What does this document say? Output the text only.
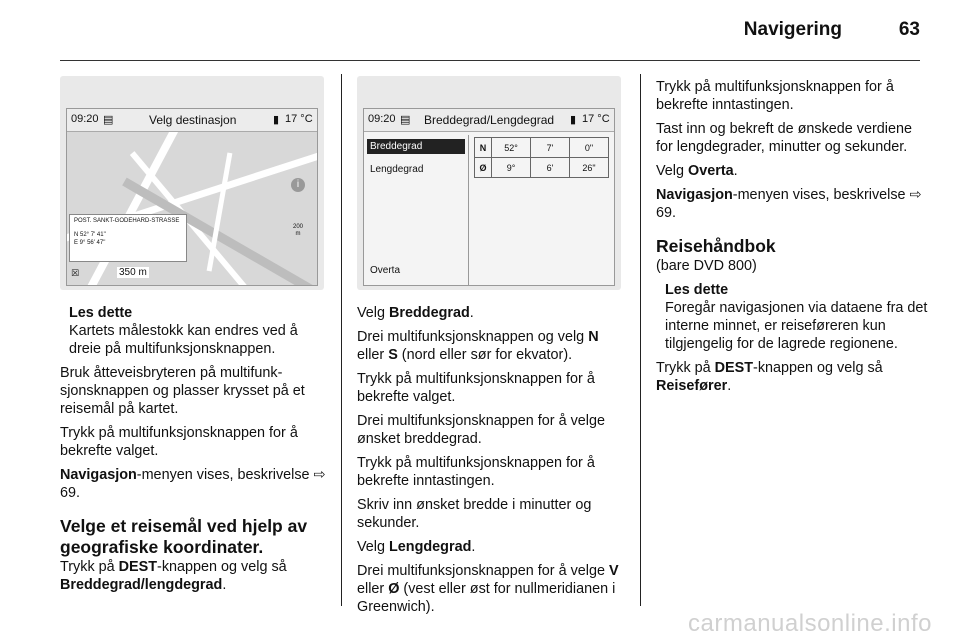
Navigering	63
09:20 ▤	Velg destinasjon	▮ 17 °C
POST. SANKT-GODEHARD-STRASSE
N 52° 7' 41"
E 9° 56' 47"
i
200
m
☒	350 m
09:20 ▤ Breddegrad/Lengdegrad ▮ 17 °C
Breddegrad
Lengdegrad
N	52°	7'	0"
Ø	9°	6'	26"
Overta
Les dette
Kartets målestokk kan endres ved å dreie på multifunksjonsknappen.

Bruk åtteveisbryteren på multifunksjonsknappen og plasser krysset på et reisemål på kartet.

Trykk på multifunksjonsknappen for å bekrefte valget.

Navigasjon-menyen vises, beskrivelse ⇨ 69.

Velge et reisemål ved hjelp av geografiske koordinater.

Trykk på DEST-knappen og velg så Breddegrad/lengdegrad.

Velg Breddegrad.

Drei multifunksjonsknappen og velg N eller S (nord eller sør for ekvator).

Trykk på multifunksjonsknappen for å bekrefte valget.

Drei multifunksjonsknappen for å velge ønsket breddegrad.

Trykk på multifunksjonsknappen for å bekrefte inntastingen.

Skriv inn ønsket bredde i minutter og sekunder.

Velg Lengdegrad.

Drei multifunksjonsknappen for å velge V eller Ø (vest eller øst for nullmeridianen i Greenwich).

Trykk på multifunksjonsknappen for å bekrefte inntastingen.

Tast inn og bekreft de ønskede verdiene for lengdegrader, minutter og sekunder.

Velg Overta.

Navigasjon-menyen vises, beskrivelse ⇨ 69.

Reisehåndbok
(bare DVD 800)
Les dette
Foregår navigasjonen via dataene fra det interne minnet, er reiseføreren kun tilgjengelig for de lagrede regionene.

Trykk på DEST-knappen og velg så Reisefører.

carmanualsonline.info
